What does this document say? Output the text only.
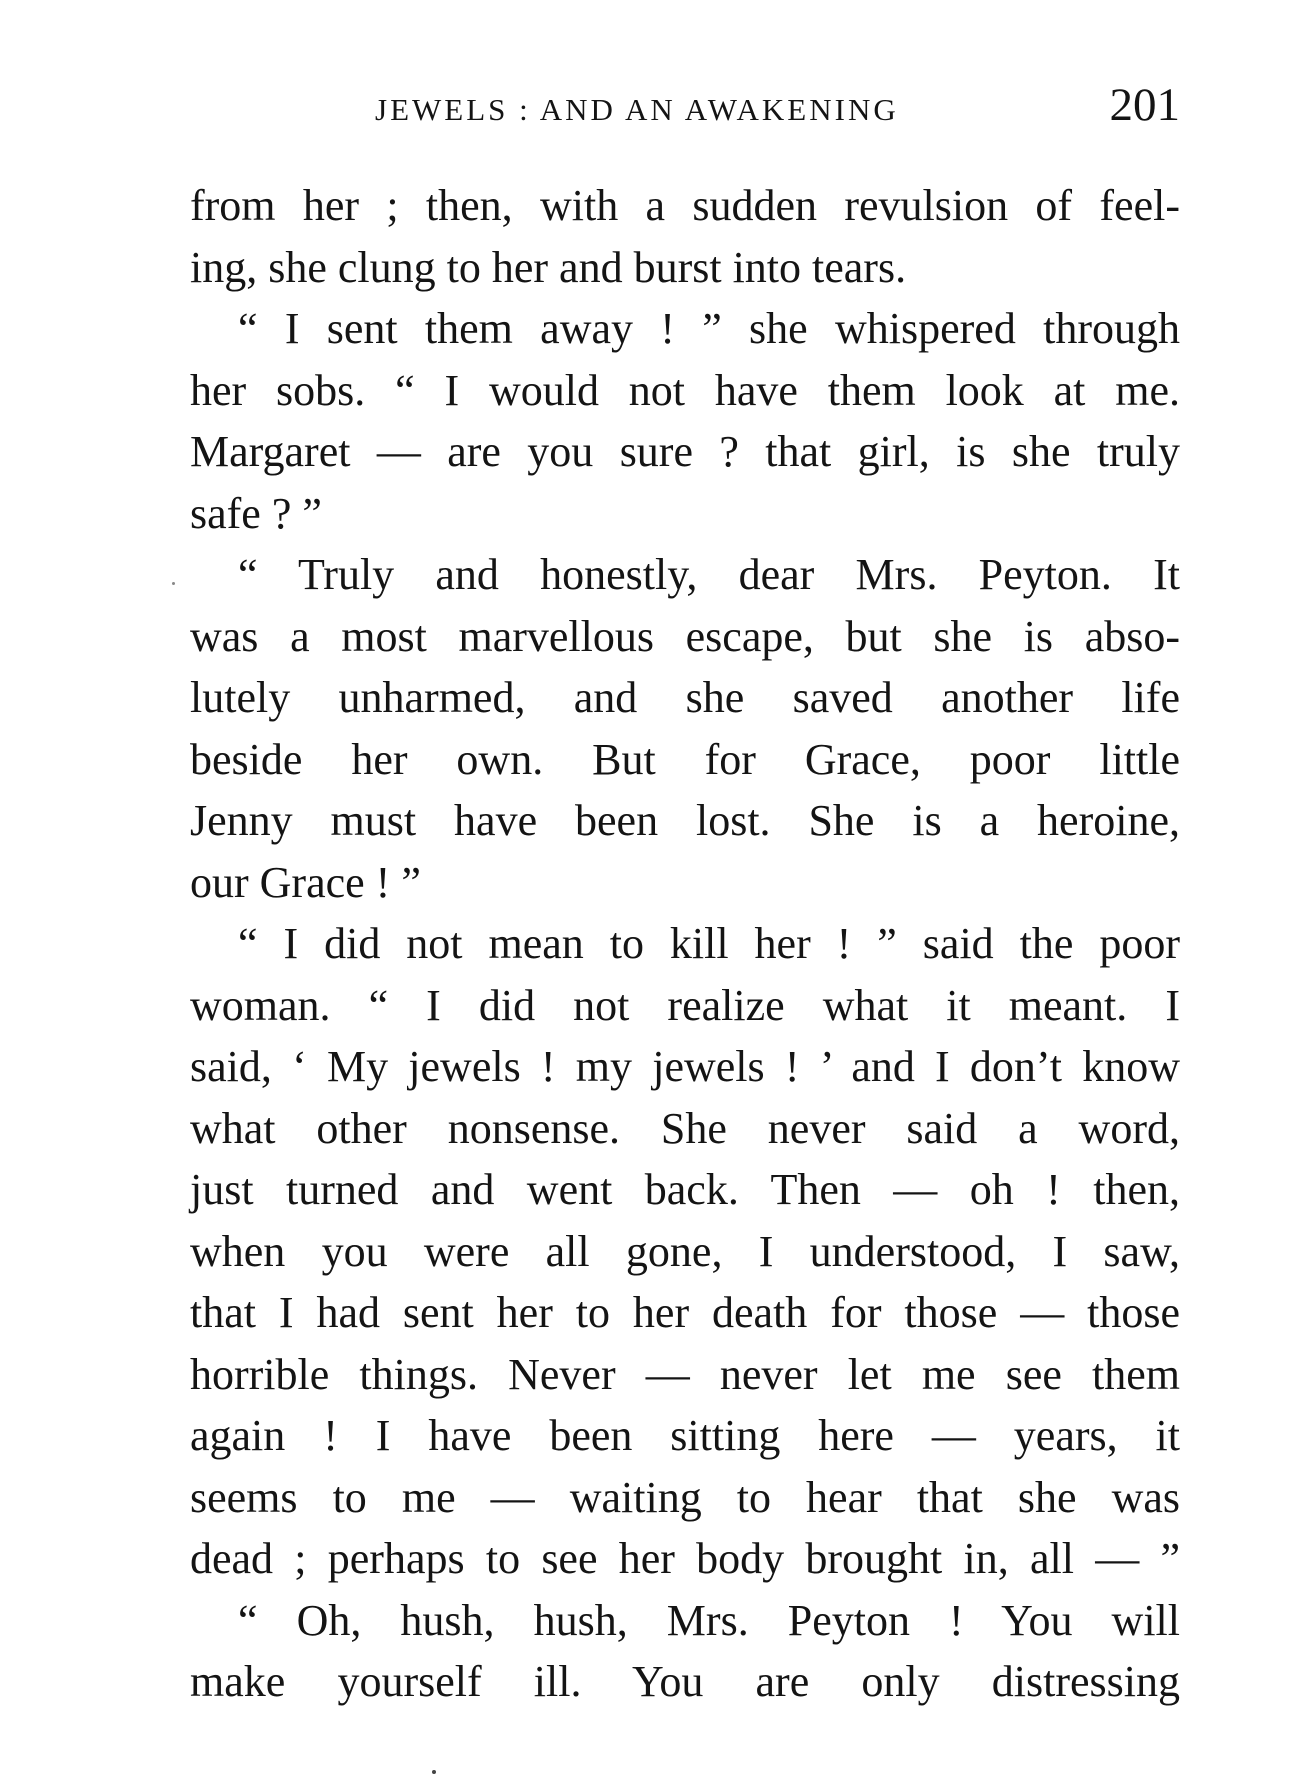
JEWELS : AND AN AWAKENING	201
from her ; then, with a sudden revulsion of feel-
ing, she clung to her and burst into tears.
“ I sent them away ! ” she whispered through
her sobs. “ I would not have them look at me.
Margaret — are you sure ? that girl, is she truly
safe ? ”
“ Truly and honestly, dear Mrs. Peyton. It
was a most marvellous escape, but she is abso-
lutely unharmed, and she saved another life
beside her own. But for Grace, poor little
Jenny must have been lost. She is a heroine,
our Grace ! ”
“ I did not mean to kill her ! ” said the poor
woman. “ I did not realize what it meant. I
said, ‘ My jewels ! my jewels ! ’ and I don’t know
what other nonsense. She never said a word,
just turned and went back. Then — oh ! then,
when you were all gone, I understood, I saw,
that I had sent her to her death for those — those
horrible things. Never — never let me see them
again ! I have been sitting here — years, it
seems to me — waiting to hear that she was
dead ; perhaps to see her body brought in, all — ”
“ Oh, hush, hush, Mrs. Peyton ! You will
make yourself ill. You are only distressing
